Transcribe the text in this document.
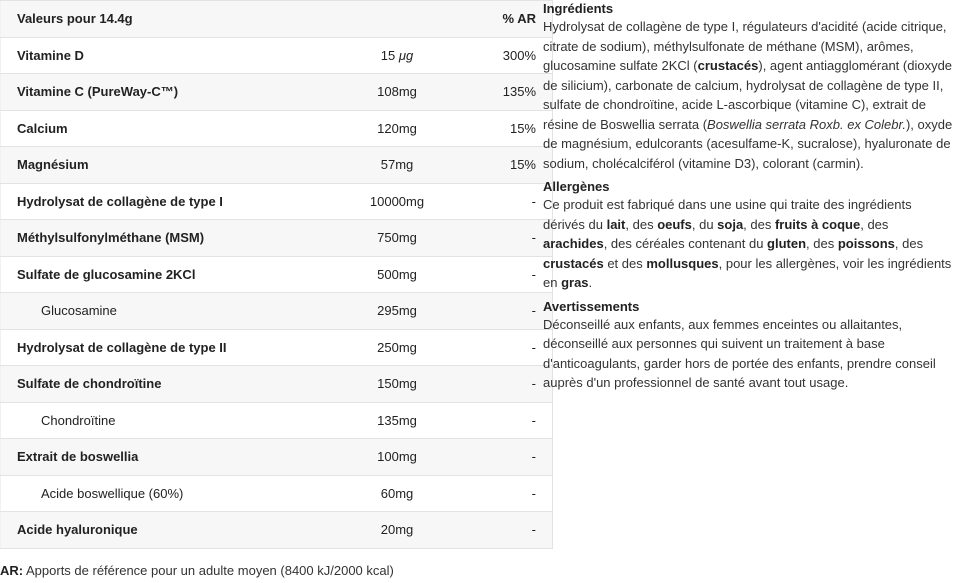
Valeurs pour 14.4g		% AR
Vitamine D	15 μg	300%
Vitamine C (PureWay-C™)	108mg	135%
Calcium	120mg	15%
Magnésium	57mg	15%
Hydrolysat de collagène de type I	10000mg	-
Méthylsulfonylméthane (MSM)	750mg	-
Sulfate de glucosamine 2KCl	500mg	-
Glucosamine	295mg	-
Hydrolysat de collagène de type II	250mg	-
Sulfate de chondroïtine	150mg	-
Chondroïtine	135mg	-
Extrait de boswellia	100mg	-
Acide boswellique (60%)	60mg	-
Acide hyaluronique	20mg	-
AR: Apports de référence pour un adulte moyen (8400 kJ/2000 kcal)
Ingrédients

Hydrolysat de collagène de type I, régulateurs d'acidité (acide citrique, citrate de sodium), méthylsulfonate de méthane (MSM), arômes, glucosamine sulfate 2KCl (crustacés), agent antiagglomérant (dioxyde de silicium), carbonate de calcium, hydrolysat de collagène de type II, sulfate de chondroïtine, acide L-ascorbique (vitamine C), extrait de résine de Boswellia serrata (Boswellia serrata Roxb. ex Colebr.), oxyde de magnésium, edulcorants (acesulfame-K, sucralose), hyaluronate de sodium, cholécalciférol (vitamine D3), colorant (carmin).

Allergènes

Ce produit est fabriqué dans une usine qui traite des ingrédients dérivés du lait, des oeufs, du soja, des fruits à coque, des arachides, des céréales contenant du gluten, des poissons, des crustacés et des mollusques, pour les allergènes, voir les ingrédients en gras.

Avertissements

Déconseillé aux enfants, aux femmes enceintes ou allaitantes, déconseillé aux personnes qui suivent un traitement à base d'anticoagulants, garder hors de portée des enfants, prendre conseil auprès d'un professionnel de santé avant tout usage.
